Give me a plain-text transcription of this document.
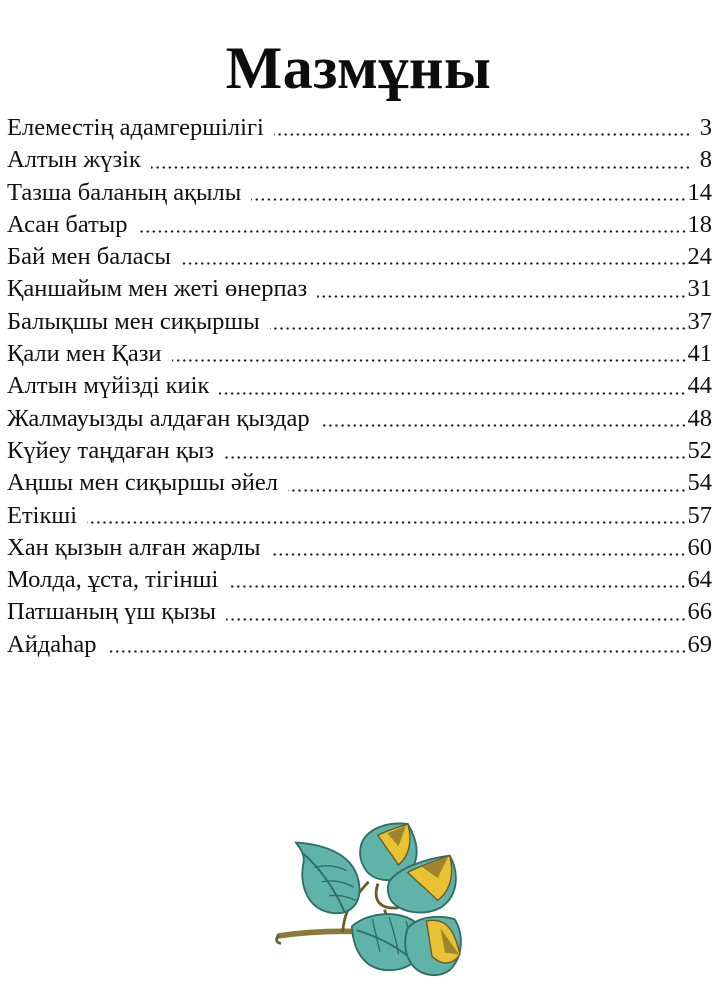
Мазмұны
Елеместің адамгершілігі	3
Алтын жүзік	8
Тазша баланың ақылы	14
Асан батыр	18
Бай мен баласы	24
Қаншайым мен жеті өнерпаз	31
Балықшы мен сиқыршы	37
Қали мен Қази	41
Алтын мүйізді киік	44
Жалмауызды алдаған қыздар	48
Күйеу таңдаған қыз	52
Аңшы мен сиқыршы әйел	54
Етікші	57
Хан қызын алған жарлы	60
Молда, ұста, тігінші	64
Патшаның үш қызы	66
Айдаһар	69
